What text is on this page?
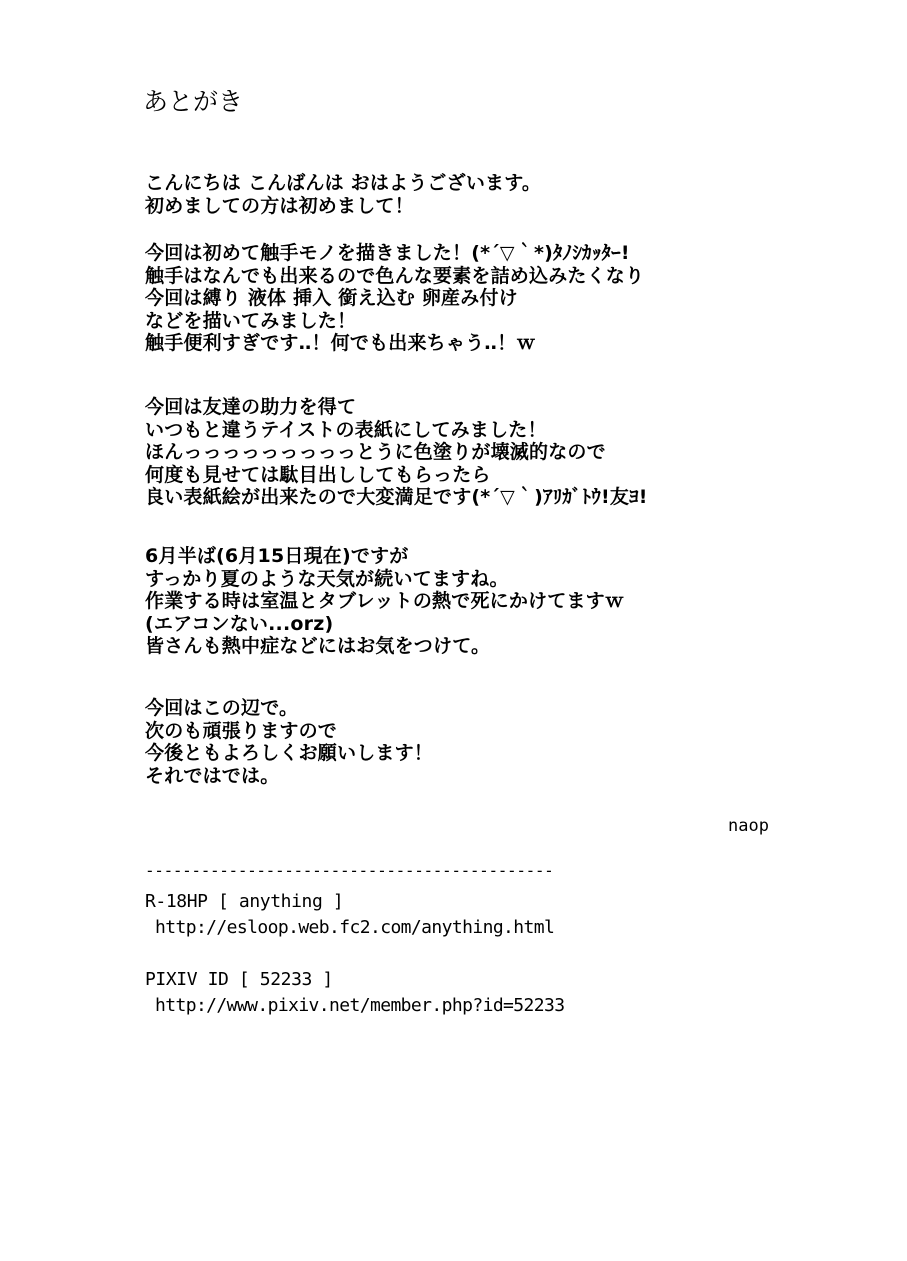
あとがき

こんにちは こんばんは おはようございます。
初めましての方は初めまして！

今回は初めて触手モノを描きました！(*´▽｀*)ﾀﾉｼｶｯﾀｰ!
触手はなんでも出来るので色んな要素を詰め込みたくなり
今回は縛り 液体 挿入 銜え込む 卵産み付け
などを描いてみました！
触手便利すぎです‥！何でも出来ちゃう‥！ｗ

今回は友達の助力を得て
いつもと違うテイストの表紙にしてみました！
ほんっっっっっっっっっとうに色塗りが壊滅的なので
何度も見せては駄目出ししてもらったら
良い表紙絵が出来たので大変満足です(*´▽｀)ｱﾘｶﾞﾄｳ!友ﾖ!

6月半ば(6月15日現在)ですが
すっかり夏のような天気が続いてますね。
作業する時は室温とタブレットの熱で死にかけてますｗ
(エアコンない...orz)
皆さんも熱中症などにはお気をつけて。

今回はこの辺で。
次のも頑張りますので
今後ともよろしくお願いします！
それではでは。

naop
--------------------------------------------
R-18HP [ anything ]
http://esloop.web.fc2.com/anything.html
PIXIV ID [ 52233 ]
http://www.pixiv.net/member.php?id=52233
